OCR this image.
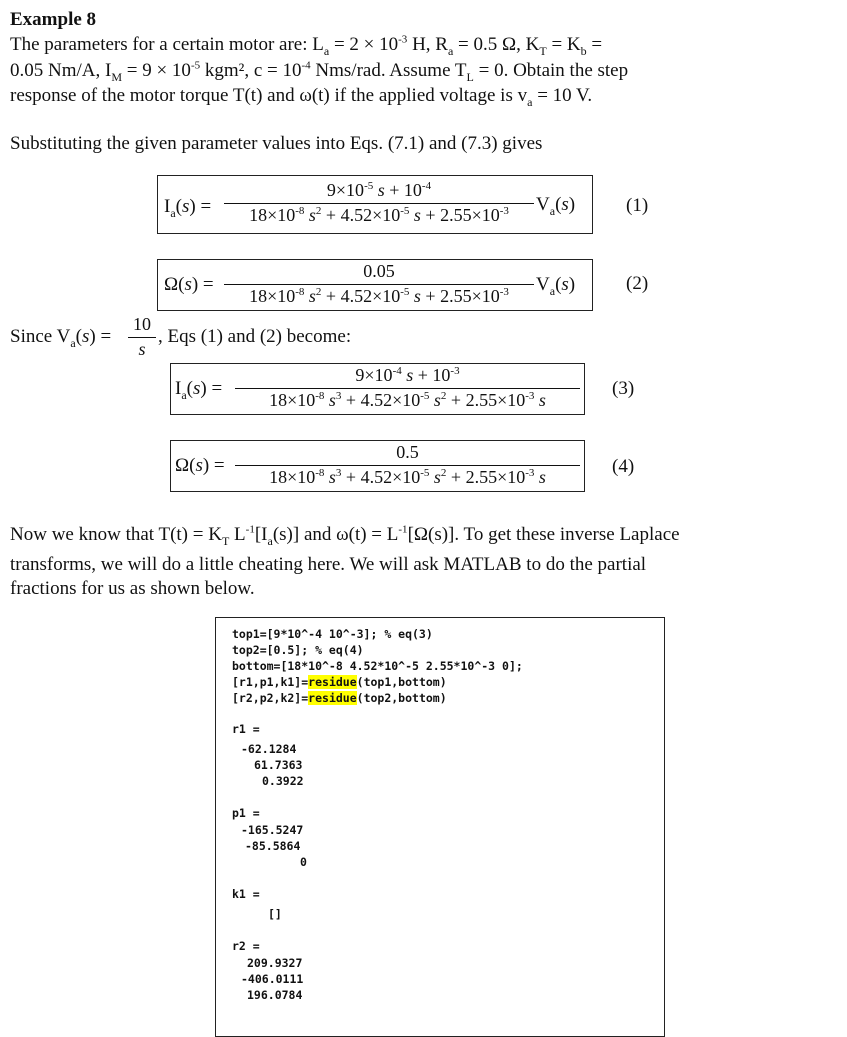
Example 8
The parameters for a certain motor are: $L_a = 2 \times 10^{-3}$ H, $R_a = 0.5$ Ω, $K_T = K_b$ =
0.05 Nm/A, $I_M = 9 \times 10^{-5}$ kgm², $c = 10^{-4}$ Nms/rad. Assume $T_L = 0$. Obtain the step
response of the motor torque T(t) and ω(t) if the applied voltage is $v_a = 10$ V.
Substituting the given parameter values into Eqs. (7.1) and (7.3) gives
$I_a(s)$ =
$9\times 10^{-5}$ $s + 10^{-4}$
$18\times 10^{-8}$ $s^2 + 4.52\times 10^{-5}$ $s + 2.55\times 10^{-3}$	$V_a(s)$	(1)
Ω(s) =
0.05
$18\times 10^{-8}$ $s^2 + 4.52\times 10^{-5}$ $s + 2.55\times 10^{-3}$	$V_a(s)$	(2)
Since $V_a(s)$ =
10
s
, Eqs (1) and (2) become:
$I_a(s)$ =
$9\times 10^{-4}$ $s + 10^{-3}$
$18\times 10^{-8}$ $s^3 + 4.52\times 10^{-5}$ $s^2 + 2.55\times 10^{-3}$ s
(3)
Ω(s) =
0.5
$18\times 10^{-8}$ $s^3 + 4.52\times 10^{-5}$ $s^2 + 2.55\times 10^{-3}$ s	(4)
Now we know that $T(t) = K_T$ $L^{-1}[I_a(s)]$ and $\omega(t) = L^{-1}[\Omega(s)]$. To get these inverse Laplace
transforms, we will do a little cheating here. We will ask MATLAB to do the partial
fractions for us as shown below.
top1=[9*10^-4 10^-3]; % eq(3)
top2=[0.5]; % eq(4)
bottom=[18*10^-8 4.52*10^-5 2.55*10^-3 0];
[r1,p1,k1]=residue(top1,bottom)
[r2,p2,k2]=residue(top2,bottom)
r1 =
-62.1284
61.7363
0.3922
p1 =
-165.5247
-85.5864
0
k1 =
[]
r2 =
209.9327
-406.0111
196.0784
